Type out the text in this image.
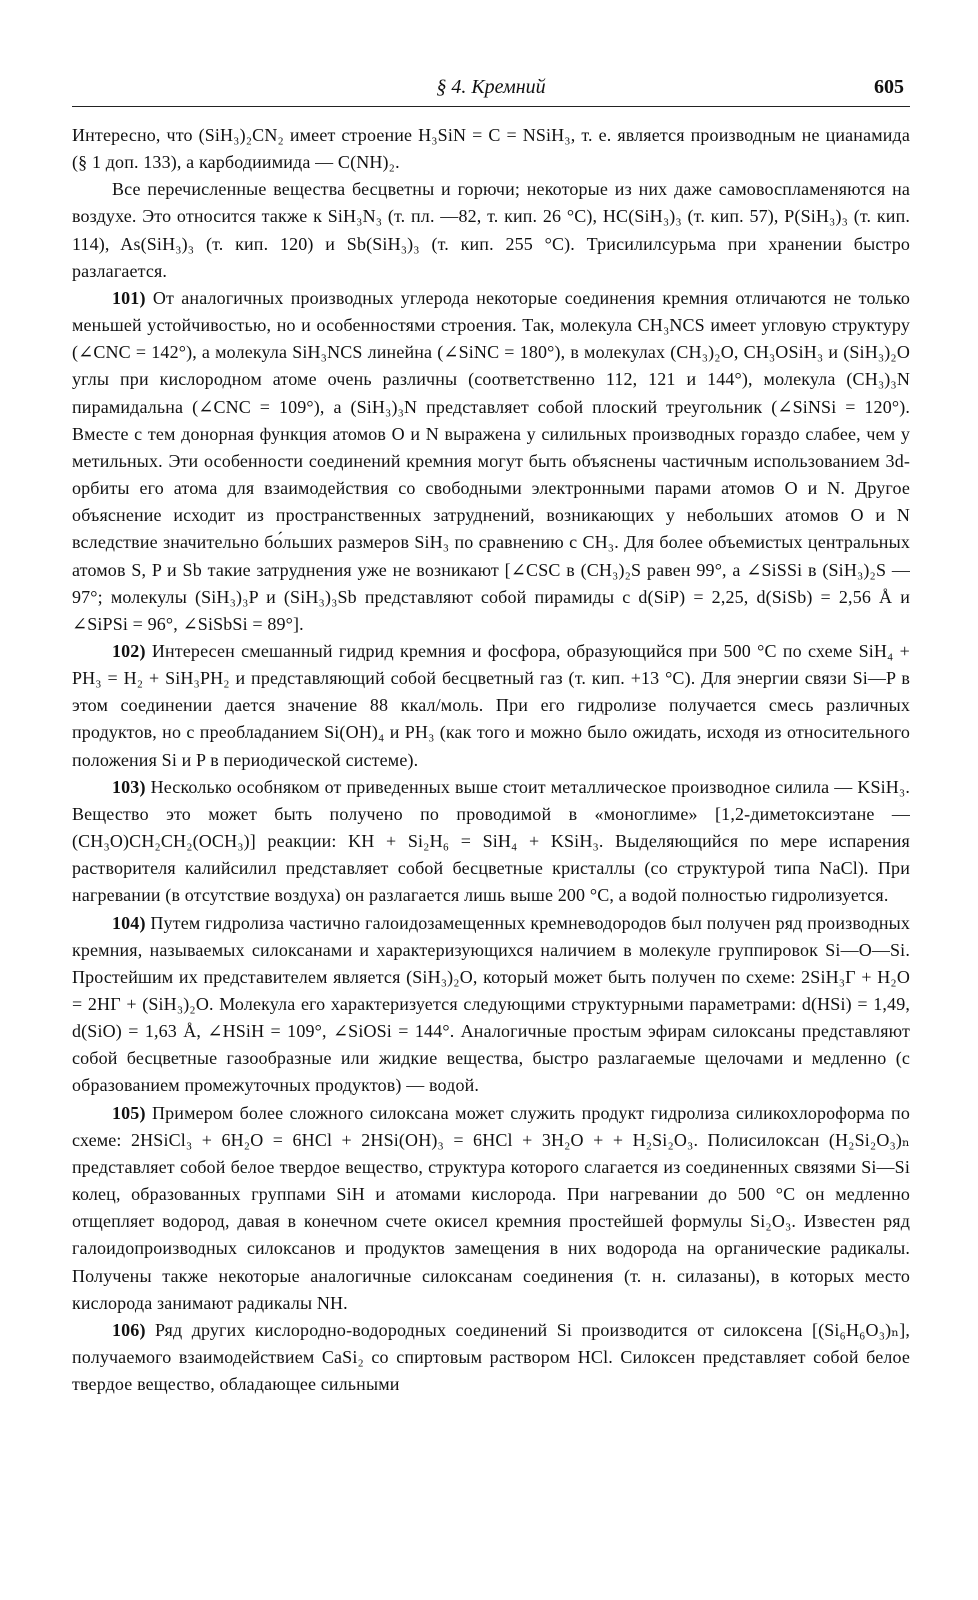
§ 4. Кремний	605

Интересно, что (SiH₃)₂CN₂ имеет строение H₃SiN = C = NSiH₃, т. е. является производным не цианамида (§ 1 доп. 133), а карбодиимида — C(NH)₂.

Все перечисленные вещества бесцветны и горючи; некоторые из них даже самовоспламеняются на воздухе. Это относится также к SiH₃N₃ (т. пл. —82, т. кип. 26 °C), HC(SiH₃)₃ (т. кип. 57), P(SiH₃)₃ (т. кип. 114), As(SiH₃)₃ (т. кип. 120) и Sb(SiH₃)₃ (т. кип. 255 °C). Трисилилсурьма при хранении быстро разлагается.

101) От аналогичных производных углерода некоторые соединения кремния отличаются не только меньшей устойчивостью, но и особенностями строения. Так, молекула CH₃NCS имеет угловую структуру (∠CNC = 142°), а молекула SiH₃NCS линейна (∠SiNC = 180°), в молекулах (CH₃)₂O, CH₃OSiH₃ и (SiH₃)₂O углы при кислородном атоме очень различны (соответственно 112, 121 и 144°), молекула (CH₃)₃N пирамидальна (∠CNC = 109°), а (SiH₃)₃N представляет собой плоский треугольник (∠SiNSi = 120°). Вместе с тем донорная функция атомов O и N выражена у силильных производных гораздо слабее, чем у метильных. Эти особенности соединений кремния могут быть объяснены частичным использованием 3d-орбиты его атома для взаимодействия со свободными электронными парами атомов O и N. Другое объяснение исходит из пространственных затруднений, возникающих у небольших атомов O и N вследствие значительно бо́льших размеров SiH₃ по сравнению с CH₃. Для более объемистых центральных атомов S, P и Sb такие затруднения уже не возникают [∠CSC в (CH₃)₂S равен 99°, а ∠SiSSi в (SiH₃)₂S — 97°; молекулы (SiH₃)₃P и (SiH₃)₃Sb представляют собой пирамиды с d(SiP) = 2,25, d(SiSb) = 2,56 Å и ∠SiPSi = 96°, ∠SiSbSi = 89°].

102) Интересен смешанный гидрид кремния и фосфора, образующийся при 500 °C по схеме SiH₄ + PH₃ = H₂ + SiH₃PH₂ и представляющий собой бесцветный газ (т. кип. +13 °C). Для энергии связи Si—P в этом соединении дается значение 88 ккал/моль. При его гидролизе получается смесь различных продуктов, но с преобладанием Si(OH)₄ и PH₃ (как того и можно было ожидать, исходя из относительного положения Si и P в периодической системе).

103) Несколько особняком от приведенных выше стоит металлическое производное силила — KSiH₃. Вещество это может быть получено по проводимой в «моноглиме» [1,2-диметоксиэтане — (CH₃O)CH₂CH₂(OCH₃)] реакции: KH + Si₂H₆ = SiH₄ + KSiH₃. Выделяющийся по мере испарения растворителя калийсилил представляет собой бесцветные кристаллы (со структурой типа NaCl). При нагревании (в отсутствие воздуха) он разлагается лишь выше 200 °C, а водой полностью гидролизуется.

104) Путем гидролиза частично галоидозамещенных кремневодородов был получен ряд производных кремния, называемых силоксанами и характеризующихся наличием в молекуле группировок Si—O—Si. Простейшим их представителем является (SiH₃)₂O, который может быть получен по схеме: 2SiH₃Г + H₂O = 2HГ + (SiH₃)₂O. Молекула его характеризуется следующими структурными параметрами: d(HSi) = 1,49, d(SiO) = 1,63 Å, ∠HSiH = 109°, ∠SiOSi = 144°. Аналогичные простым эфирам силоксаны представляют собой бесцветные газообразные или жидкие вещества, быстро разлагаемые щелочами и медленно (с образованием промежуточных продуктов) — водой.

105) Примером более сложного силоксана может служить продукт гидролиза силикохлороформа по схеме: 2HSiCl₃ + 6H₂O = 6HCl + 2HSi(OH)₃ = 6HCl + 3H₂O + + H₂Si₂O₃. Полисилоксан (H₂Si₂O₃)ₙ представляет собой белое твердое вещество, структура которого слагается из соединенных связями Si—Si колец, образованных группами SiH и атомами кислорода. При нагревании до 500 °C он медленно отщепляет водород, давая в конечном счете окисел кремния простейшей формулы Si₂O₃. Известен ряд галоидопроизводных силоксанов и продуктов замещения в них водорода на органические радикалы. Получены также некоторые аналогичные силоксанам соединения (т. н. силазаны), в которых место кислорода занимают радикалы NH.

106) Ряд других кислородно-водородных соединений Si производится от силоксена [(Si₆H₆O₃)ₙ], получаемого взаимодействием CaSi₂ со спиртовым раствором HCl. Силоксен представляет собой белое твердое вещество, обладающее сильными
